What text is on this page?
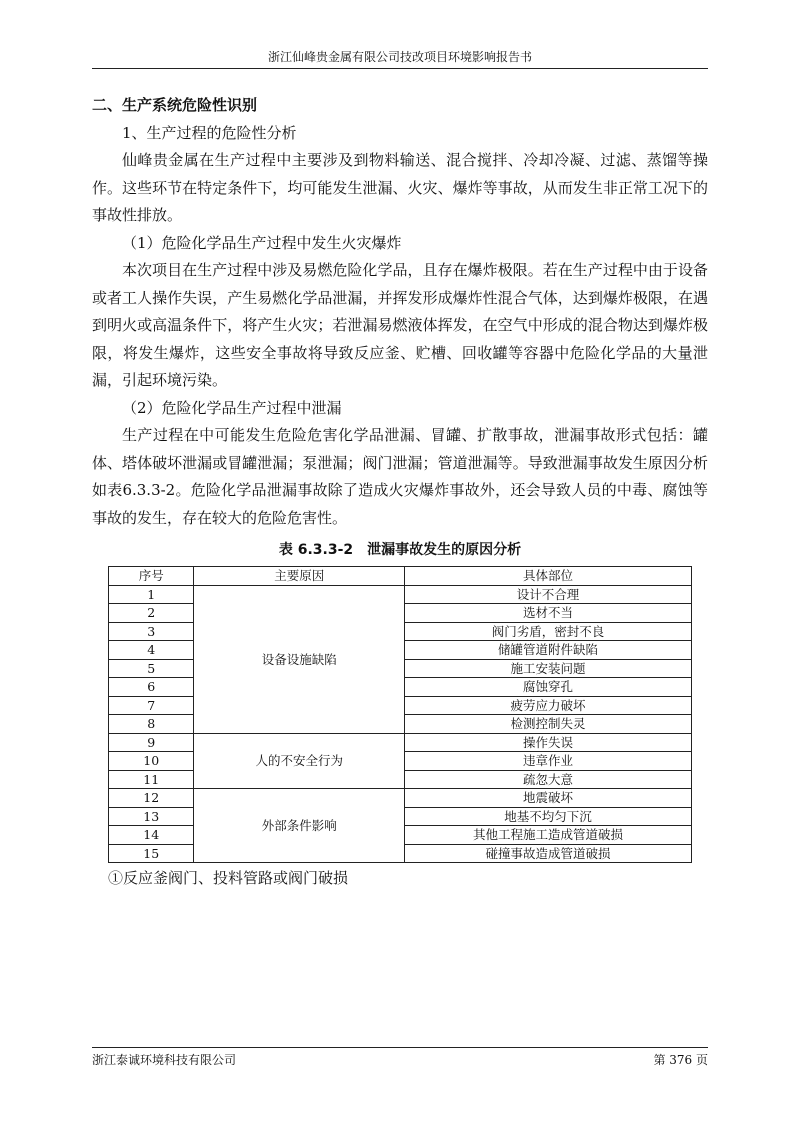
浙江仙峰贵金属有限公司技改项目环境影响报告书

二、生产系统危险性识别

1、生产过程的危险性分析

仙峰贵金属在生产过程中主要涉及到物料输送、混合搅拌、冷却冷凝、过滤、蒸馏等操作。这些环节在特定条件下，均可能发生泄漏、火灾、爆炸等事故，从而发生非正常工况下的事故性排放。

（1）危险化学品生产过程中发生火灾爆炸

本次项目在生产过程中涉及易燃危险化学品，且存在爆炸极限。若在生产过程中由于设备或者工人操作失误，产生易燃化学品泄漏，并挥发形成爆炸性混合气体，达到爆炸极限，在遇到明火或高温条件下，将产生火灾；若泄漏易燃液体挥发，在空气中形成的混合物达到爆炸极限，将发生爆炸，这些安全事故将导致反应釜、贮槽、回收罐等容器中危险化学品的大量泄漏，引起环境污染。

（2）危险化学品生产过程中泄漏

生产过程在中可能发生危险危害化学品泄漏、冒罐、扩散事故，泄漏事故形式包括：罐体、塔体破坏泄漏或冒罐泄漏；泵泄漏；阀门泄漏；管道泄漏等。导致泄漏事故发生原因分析如表6.3.3-2。危险化学品泄漏事故除了造成火灾爆炸事故外，还会导致人员的中毒、腐蚀等事故的发生，存在较大的危险危害性。

表 6.3.3-2　泄漏事故发生的原因分析

序号	主要原因	具体部位
1	设备设施缺陷	设计不合理
2		选材不当
3		阀门劣盾，密封不良
4		储罐管道附件缺陷
5		施工安装问题
6		腐蚀穿孔
7		疲劳应力破坏
8		检测控制失灵
9	人的不安全行为	操作失误
10		违章作业
11		疏忽大意
12	外部条件影响	地震破坏
13		地基不均匀下沉
14		其他工程施工造成管道破损
15		碰撞事故造成管道破损

①反应釜阀门、投料管路或阀门破损

浙江泰诚环境科技有限公司	第 376 页
